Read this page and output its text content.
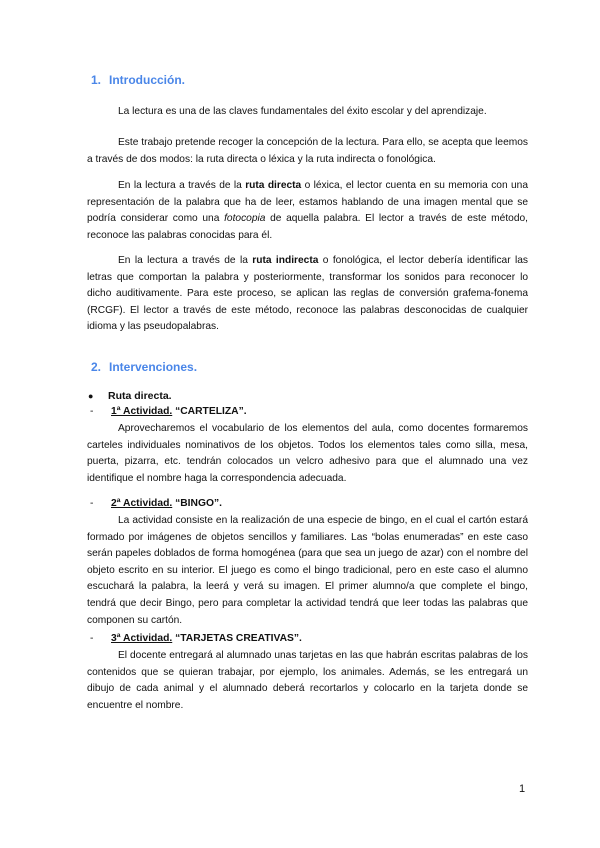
1. Introducción.

La lectura es una de las claves fundamentales del éxito escolar y del aprendizaje.

Este trabajo pretende recoger la concepción de la lectura. Para ello, se acepta que leemos a través de dos modos: la ruta directa o léxica y la ruta indirecta o fonológica.

En la lectura a través de la ruta directa o léxica, el lector cuenta en su memoria con una representación de la palabra que ha de leer, estamos hablando de una imagen mental que se podría considerar como una fotocopia de aquella palabra. El lector a través de este método, reconoce las palabras conocidas para él.

En la lectura a través de la ruta indirecta o fonológica, el lector debería identificar las letras que comportan la palabra y posteriormente, transformar los sonidos para reconocer lo dicho auditivamente. Para este proceso, se aplican las reglas de conversión grafema-fonema (RCGF). El lector a través de este método, reconoce las palabras desconocidas de cualquier idioma y las pseudopalabras.

2. Intervenciones.
● Ruta directa.
- 1ª Actividad. “CARTELIZA”.

Aprovecharemos el vocabulario de los elementos del aula, como docentes formaremos carteles individuales nominativos de los objetos. Todos los elementos tales como silla, mesa, puerta, pizarra, etc. tendrán colocados un velcro adhesivo para que el alumnado una vez identifique el nombre haga la correspondencia adecuada.

- 2ª Actividad. “BINGO”.

La actividad consiste en la realización de una especie de bingo, en el cual el cartón estará formado por imágenes de objetos sencillos y familiares. Las “bolas enumeradas” en este caso serán papeles doblados de forma homogénea (para que sea un juego de azar) con el nombre del objeto escrito en su interior. El juego es como el bingo tradicional, pero en este caso el alumno escuchará la palabra, la leerá y verá su imagen. El primer alumno/a que complete el bingo, tendrá que decir Bingo, pero para completar la actividad tendrá que leer todas las palabras que componen su cartón.

- 3ª Actividad. “TARJETAS CREATIVAS”.

El docente entregará al alumnado unas tarjetas en las que habrán escritas palabras de los contenidos que se quieran trabajar, por ejemplo, los animales. Además, se les entregará un dibujo de cada animal y el alumnado deberá recortarlos y colocarlo en la tarjeta donde se encuentre el nombre.

1
